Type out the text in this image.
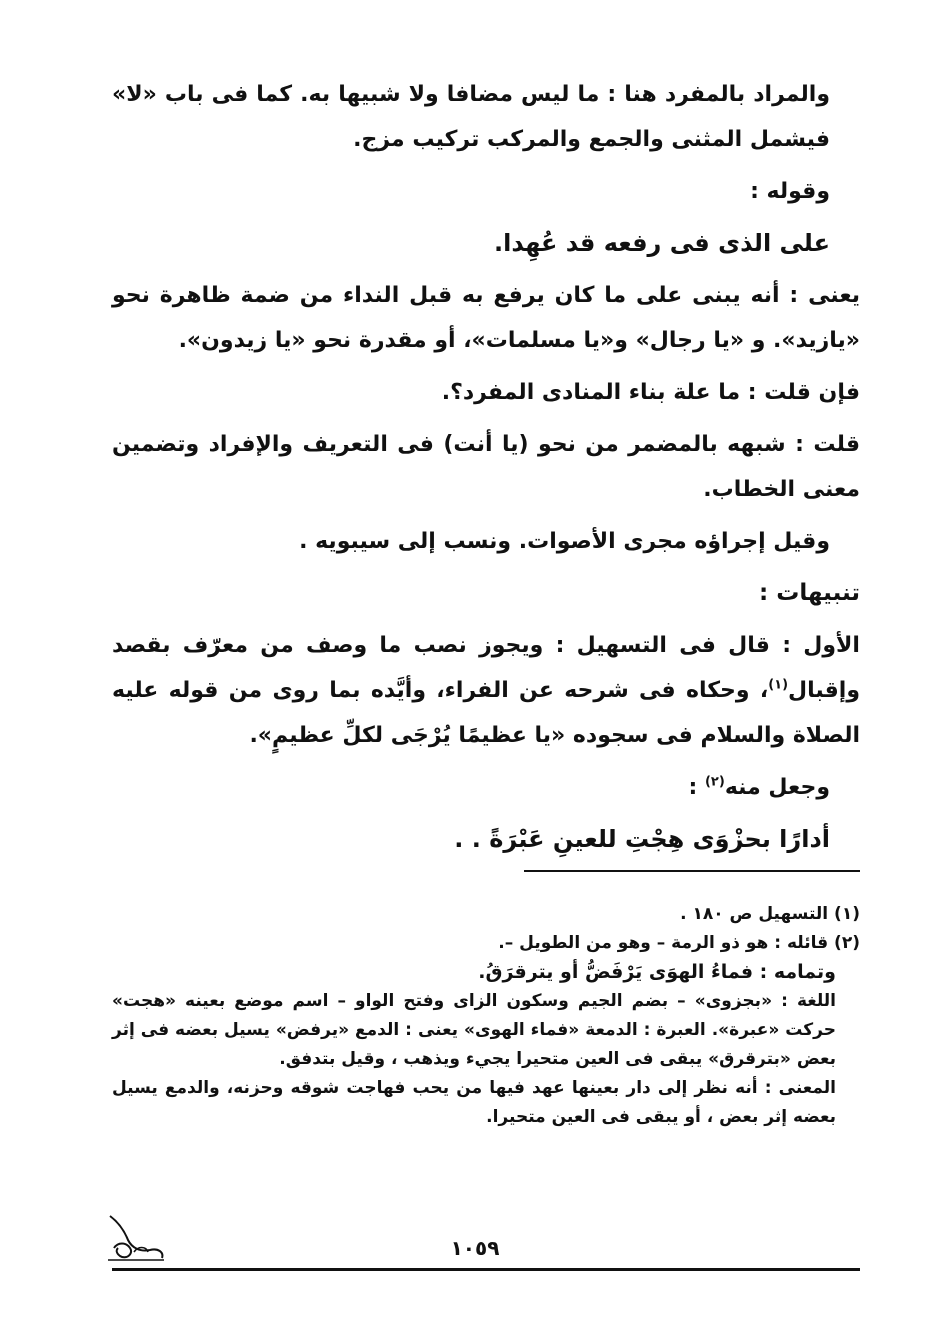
والمراد بالمفرد هنا : ما ليس مضافا ولا شبيها به. كما فى باب «لا» فيشمل المثنى والجمع والمركب تركيب مزج.

وقوله :

على الذى فى رفعه قد عُهِدا.

يعنى : أنه يبنى على ما كان يرفع به قبل النداء من ضمة ظاهرة نحو «يازيد». و «يا رجال» و«يا مسلمات»، أو مقدرة نحو «يا زيدون».

فإن قلت : ما علة بناء المنادى المفرد؟.

قلت : شبهه بالمضمر من نحو (يا أنت) فى التعريف والإفراد وتضمين معنى الخطاب.

وقيل إجراؤه مجرى الأصوات. ونسب إلى سيبويه .

تنبيهات :

الأول : قال فى التسهيل : ويجوز نصب ما وصف من معرّف بقصد وإقبال$^{(١)}$، وحكاه فى شرحه عن الفراء، وأيَّده بما روى من قوله عليه الصلاة والسلام فى سجوده «يا عظيمًا يُرْجَى لكلِّ عظيمٍ».

وجعل منه$^{(٢)}$ :

أدارًا بحزْوَى هِجْتِ للعينِ عَبْرَةً . .

(١) التسهيل ص ١٨٠ .

(٢) قائله : هو ذو الرمة – وهو من الطويل –.

وتمامه : فماءُ الهوَى يَرْفَضُّ أو يترقرَقُ.

اللغة : «بجزوى» – بضم الجيم وسكون الزاى وفتح الواو – اسم موضع بعينه «هجت» حركت «عبرة». العبرة : الدمعة «فماء الهوى» يعنى : الدمع «يرفض» يسيل بعضه فى إثر بعض «بترقرق» يبقى فى العين متحيرا يجيء ويذهب ، وقيل بتدفق.

المعنى : أنه نظر إلى دار بعينها عهد فيها من يحب فهاجت شوقه وحزنه، والدمع يسيل بعضه إثر بعض ، أو يبقى فى العين متحيرا.

١٠٥٩
